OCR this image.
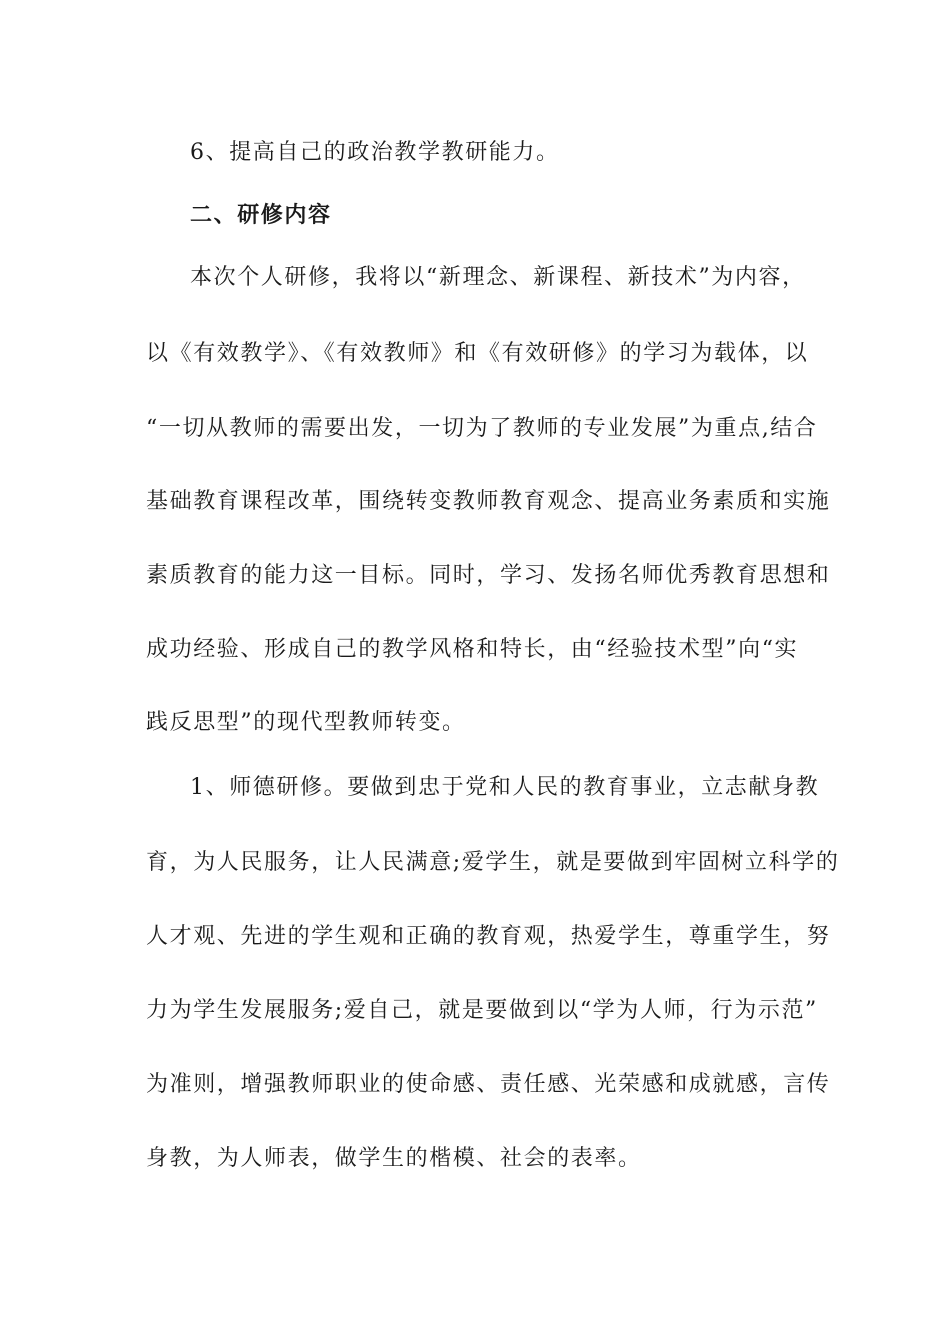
6、提高自己的政治教学教研能力。
二、研修内容
本次个人研修，我将以“新理念、新课程、新技术”为内容，
以《有效教学》、《有效教师》和《有效研修》的学习为载体，以
“一切从教师的需要出发，一切为了教师的专业发展”为重点,结合
基础教育课程改革，围绕转变教师教育观念、提高业务素质和实施
素质教育的能力这一目标。同时，学习、发扬名师优秀教育思想和
成功经验、形成自己的教学风格和特长，由“经验技术型”向“实
践反思型”的现代型教师转变。
1、师德研修。要做到忠于党和人民的教育事业，立志献身教
育，为人民服务，让人民满意;爱学生，就是要做到牢固树立科学的
人才观、先进的学生观和正确的教育观，热爱学生，尊重学生，努
力为学生发展服务;爱自己，就是要做到以“学为人师，行为示范”
为准则，增强教师职业的使命感、责任感、光荣感和成就感，言传
身教，为人师表，做学生的楷模、社会的表率。
